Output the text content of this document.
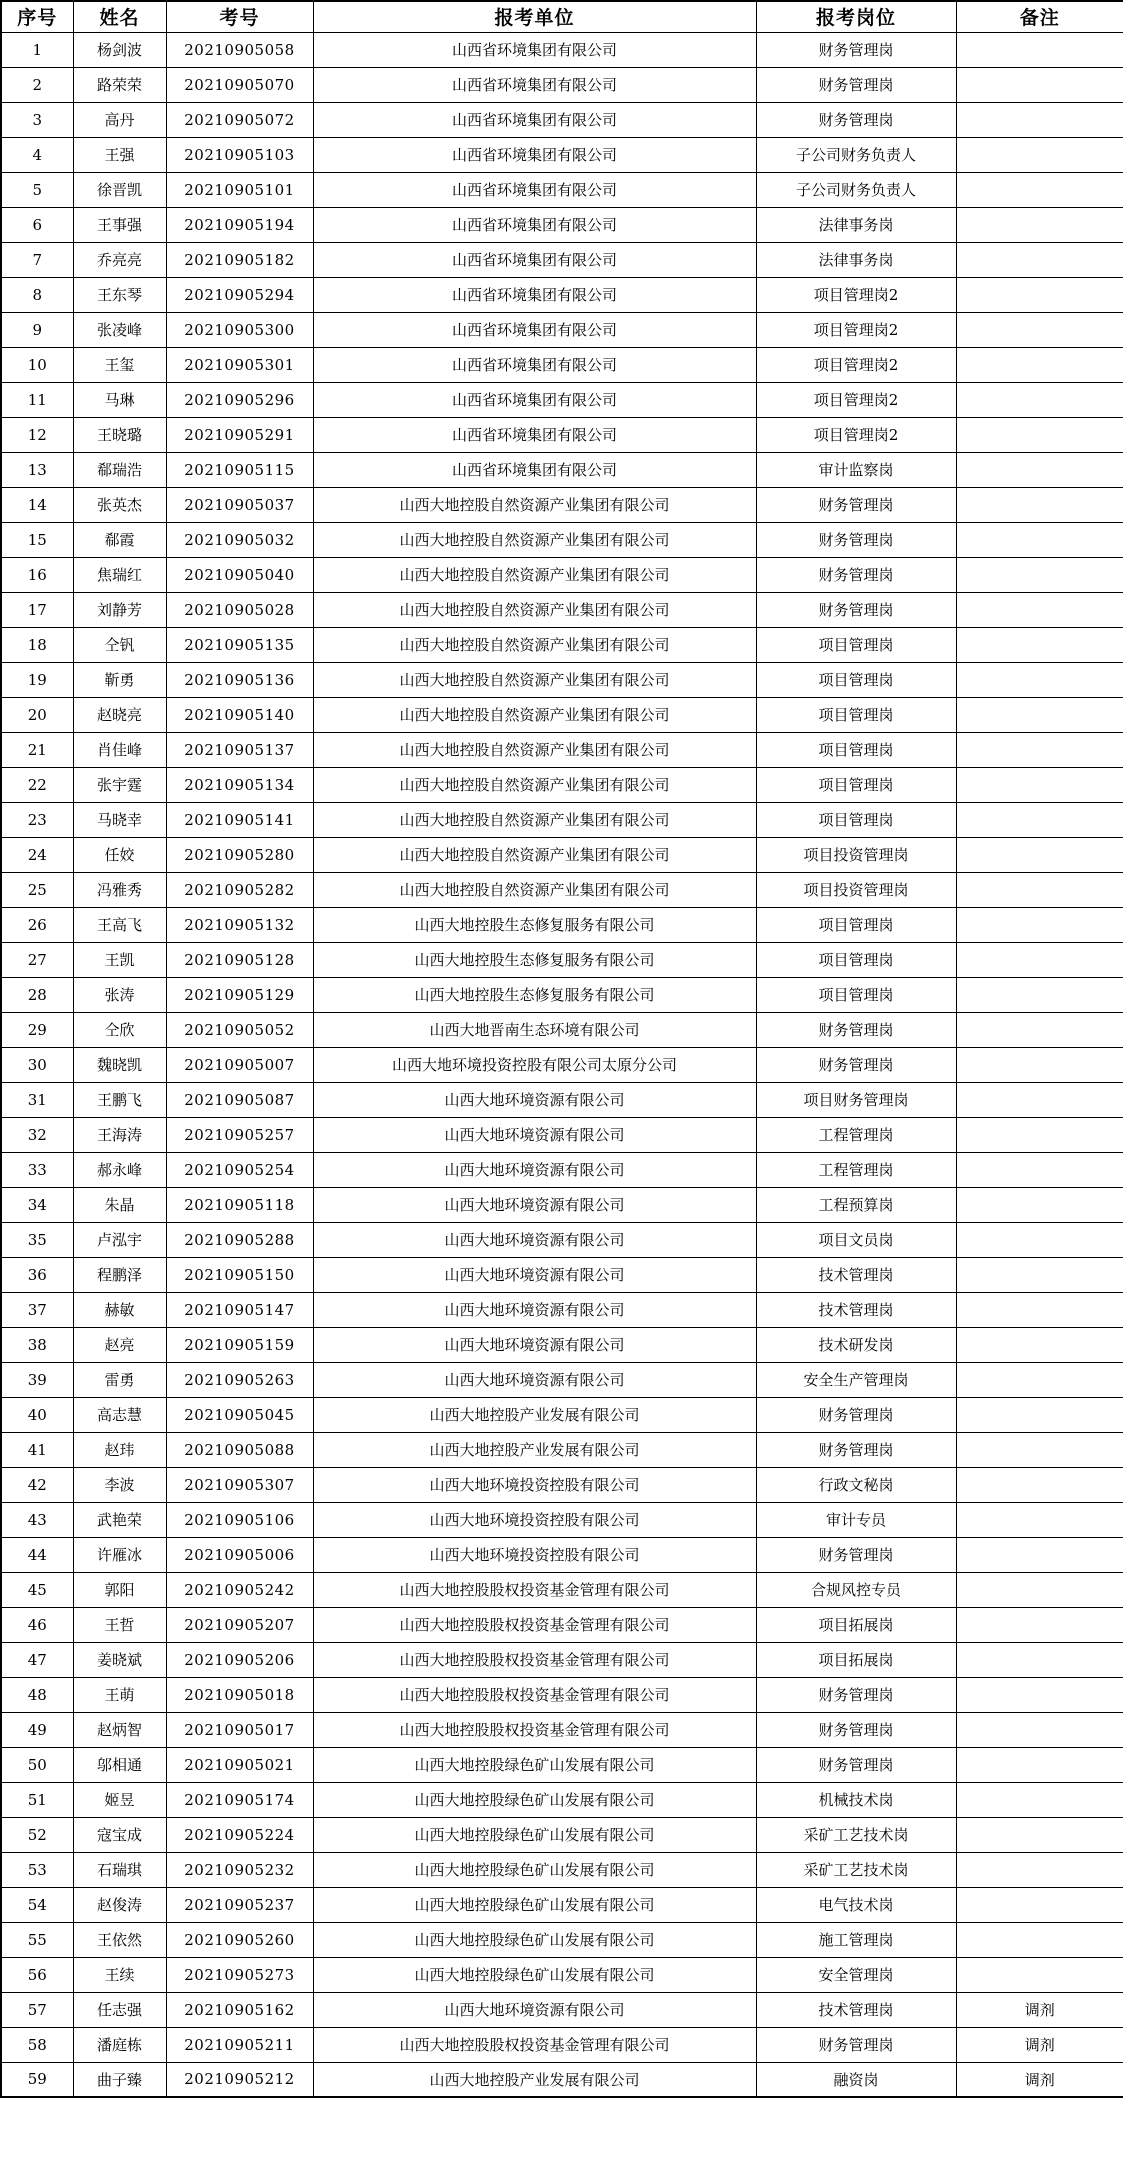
序号	姓名	考号	报考单位	报考岗位	备注
1	杨剑波	20210905058	山西省环境集团有限公司	财务管理岗	
2	路荣荣	20210905070	山西省环境集团有限公司	财务管理岗	
3	高丹	20210905072	山西省环境集团有限公司	财务管理岗	
4	王强	20210905103	山西省环境集团有限公司	子公司财务负责人	
5	徐晋凯	20210905101	山西省环境集团有限公司	子公司财务负责人	
6	王事强	20210905194	山西省环境集团有限公司	法律事务岗	
7	乔亮亮	20210905182	山西省环境集团有限公司	法律事务岗	
8	王东琴	20210905294	山西省环境集团有限公司	项目管理岗2	
9	张凌峰	20210905300	山西省环境集团有限公司	项目管理岗2	
10	王玺	20210905301	山西省环境集团有限公司	项目管理岗2	
11	马琳	20210905296	山西省环境集团有限公司	项目管理岗2	
12	王晓璐	20210905291	山西省环境集团有限公司	项目管理岗2	
13	郗瑞浩	20210905115	山西省环境集团有限公司	审计监察岗	
14	张英杰	20210905037	山西大地控股自然资源产业集团有限公司	财务管理岗	
15	郗霞	20210905032	山西大地控股自然资源产业集团有限公司	财务管理岗	
16	焦瑞红	20210905040	山西大地控股自然资源产业集团有限公司	财务管理岗	
17	刘静芳	20210905028	山西大地控股自然资源产业集团有限公司	财务管理岗	
18	仝钒	20210905135	山西大地控股自然资源产业集团有限公司	项目管理岗	
19	靳勇	20210905136	山西大地控股自然资源产业集团有限公司	项目管理岗	
20	赵晓亮	20210905140	山西大地控股自然资源产业集团有限公司	项目管理岗	
21	肖佳峰	20210905137	山西大地控股自然资源产业集团有限公司	项目管理岗	
22	张宇霆	20210905134	山西大地控股自然资源产业集团有限公司	项目管理岗	
23	马晓幸	20210905141	山西大地控股自然资源产业集团有限公司	项目管理岗	
24	任姣	20210905280	山西大地控股自然资源产业集团有限公司	项目投资管理岗	
25	冯雅秀	20210905282	山西大地控股自然资源产业集团有限公司	项目投资管理岗	
26	王高飞	20210905132	山西大地控股生态修复服务有限公司	项目管理岗	
27	王凯	20210905128	山西大地控股生态修复服务有限公司	项目管理岗	
28	张涛	20210905129	山西大地控股生态修复服务有限公司	项目管理岗	
29	仝欣	20210905052	山西大地晋南生态环境有限公司	财务管理岗	
30	魏晓凯	20210905007	山西大地环境投资控股有限公司太原分公司	财务管理岗	
31	王鹏飞	20210905087	山西大地环境资源有限公司	项目财务管理岗	
32	王海涛	20210905257	山西大地环境资源有限公司	工程管理岗	
33	郝永峰	20210905254	山西大地环境资源有限公司	工程管理岗	
34	朱晶	20210905118	山西大地环境资源有限公司	工程预算岗	
35	卢泓宇	20210905288	山西大地环境资源有限公司	项目文员岗	
36	程鹏泽	20210905150	山西大地环境资源有限公司	技术管理岗	
37	赫敏	20210905147	山西大地环境资源有限公司	技术管理岗	
38	赵亮	20210905159	山西大地环境资源有限公司	技术研发岗	
39	雷勇	20210905263	山西大地环境资源有限公司	安全生产管理岗	
40	高志慧	20210905045	山西大地控股产业发展有限公司	财务管理岗	
41	赵玮	20210905088	山西大地控股产业发展有限公司	财务管理岗	
42	李波	20210905307	山西大地环境投资控股有限公司	行政文秘岗	
43	武艳荣	20210905106	山西大地环境投资控股有限公司	审计专员	
44	许雁冰	20210905006	山西大地环境投资控股有限公司	财务管理岗	
45	郭阳	20210905242	山西大地控股股权投资基金管理有限公司	合规风控专员	
46	王哲	20210905207	山西大地控股股权投资基金管理有限公司	项目拓展岗	
47	姜晓斌	20210905206	山西大地控股股权投资基金管理有限公司	项目拓展岗	
48	王萌	20210905018	山西大地控股股权投资基金管理有限公司	财务管理岗	
49	赵炳智	20210905017	山西大地控股股权投资基金管理有限公司	财务管理岗	
50	邬相通	20210905021	山西大地控股绿色矿山发展有限公司	财务管理岗	
51	姬昱	20210905174	山西大地控股绿色矿山发展有限公司	机械技术岗	
52	寇宝成	20210905224	山西大地控股绿色矿山发展有限公司	采矿工艺技术岗	
53	石瑞琪	20210905232	山西大地控股绿色矿山发展有限公司	采矿工艺技术岗	
54	赵俊涛	20210905237	山西大地控股绿色矿山发展有限公司	电气技术岗	
55	王依然	20210905260	山西大地控股绿色矿山发展有限公司	施工管理岗	
56	王续	20210905273	山西大地控股绿色矿山发展有限公司	安全管理岗	
57	任志强	20210905162	山西大地环境资源有限公司	技术管理岗	调剂
58	潘庭栋	20210905211	山西大地控股股权投资基金管理有限公司	财务管理岗	调剂
59	曲子臻	20210905212	山西大地控股产业发展有限公司	融资岗	调剂
